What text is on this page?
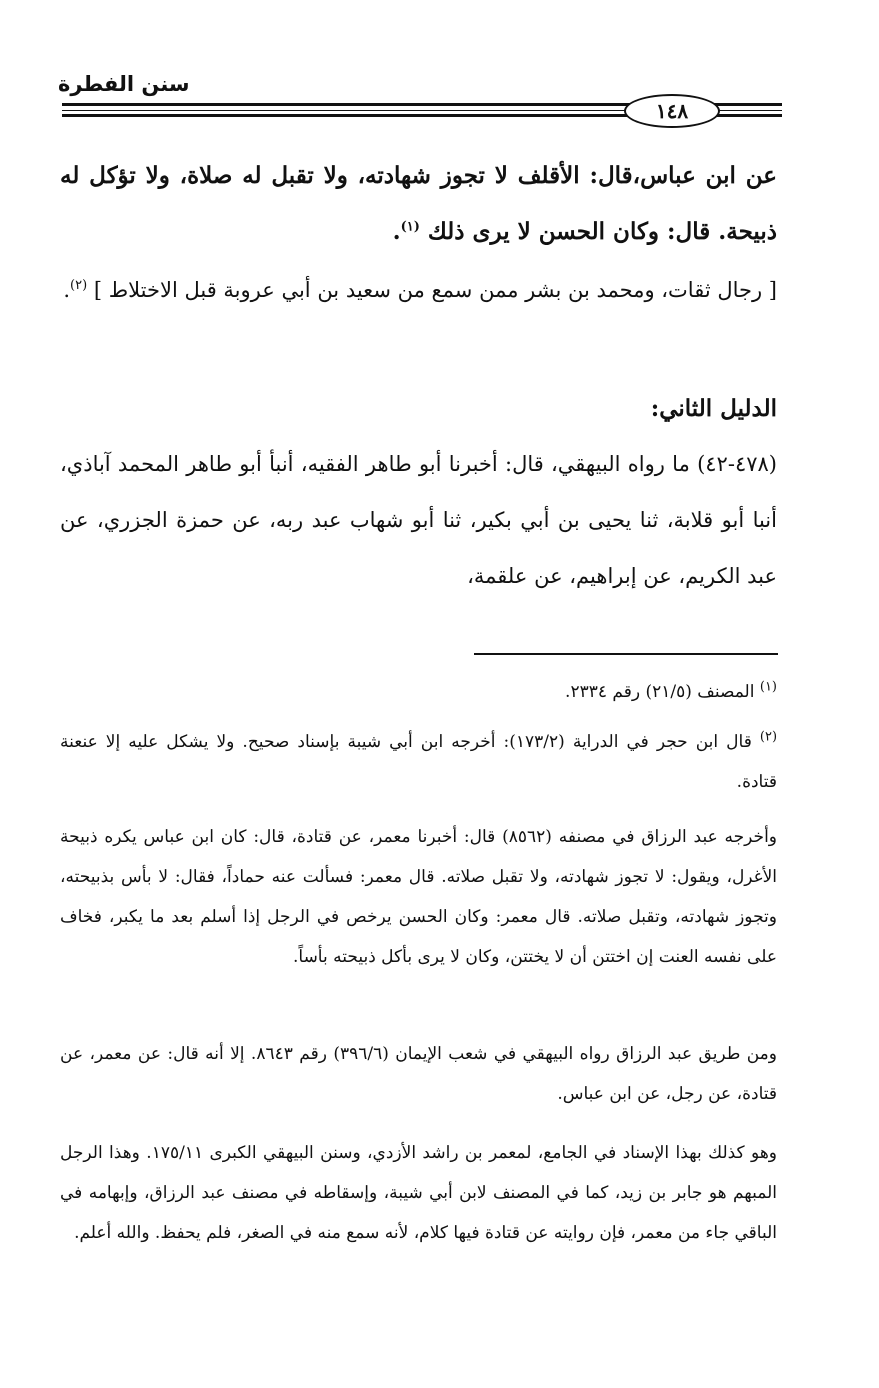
سنن الفطرة
١٤٨

عن ابن عباس،قال: الأقلف لا تجوز شهادته، ولا تقبل له صلاة، ولا تؤكل له ذبيحة. قال: وكان الحسن لا يرى ذلك $^{(١)}$.

[ رجال ثقات، ومحمد بن بشر ممن سمع من سعيد بن أبي عروبة قبل الاختلاط ] $^{(٢)}$.

الدليل الثاني:

(٤٧٨-٤٢) ما رواه البيهقي، قال: أخبرنا أبو طاهر الفقيه، أنبأ أبو طاهر المحمد آباذي، أنبا أبو قلابة، ثنا يحيى بن أبي بكير، ثنا أبو شهاب عبد ربه، عن حمزة الجزري، عن عبد الكريم، عن إبراهيم، عن علقمة،

$^{(١)}$ المصنف (٢١/٥) رقم ٢٣٣٤.

$^{(٢)}$ قال ابن حجر في الدراية (١٧٣/٢): أخرجه ابن أبي شيبة بإسناد صحيح. ولا يشكل عليه إلا عنعنة قتادة.

وأخرجه عبد الرزاق في مصنفه (٨٥٦٢) قال: أخبرنا معمر، عن قتادة، قال: كان ابن عباس يكره ذبيحة الأغرل، ويقول: لا تجوز شهادته، ولا تقبل صلاته. قال معمر: فسألت عنه حماداً، فقال: لا بأس بذبيحته، وتجوز شهادته، وتقبل صلاته. قال معمر: وكان الحسن يرخص في الرجل إذا أسلم بعد ما يكبر، فخاف على نفسه العنت إن اختتن أن لا يختتن، وكان لا يرى بأكل ذبيحته بأساً.

ومن طريق عبد الرزاق رواه البيهقي في شعب الإيمان (٣٩٦/٦) رقم ٨٦٤٣. إلا أنه قال: عن معمر، عن قتادة، عن رجل، عن ابن عباس.

وهو كذلك بهذا الإسناد في الجامع، لمعمر بن راشد الأزدي، وسنن البيهقي الكبرى ١٧٥/١١. وهذا الرجل المبهم هو جابر بن زيد، كما في المصنف لابن أبي شيبة، وإسقاطه في مصنف عبد الرزاق، وإبهامه في الباقي جاء من معمر، فإن روايته عن قتادة فيها كلام، لأنه سمع منه في الصغر، فلم يحفظ. والله أعلم.
